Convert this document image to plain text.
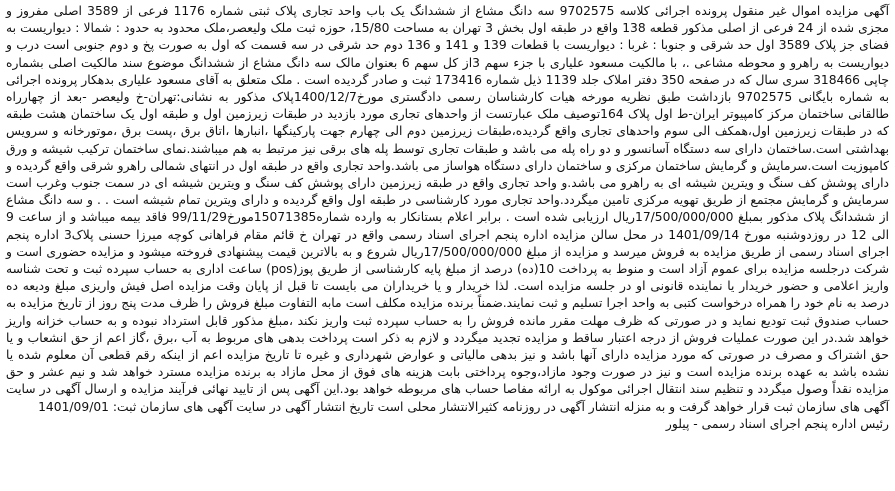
آگهی مزایده اموال غیر منقول پرونده اجرائی کلاسه 9702575 سه دانگ مشاع از ششدانگ یک باب واحد تجاری پلاک ثبتی شماره 1176 فرعی از 3589 اصلی مفروز و مجزی شده از 24 فرعی از اصلی مذکور قطعه 138 واقع در طبقه اول بخش 3 تهران به مساحت 15/80، حوزه ثبت ملک ولیعصر،ملک محدود به حدود : شمالا : دیواریست به فضای جز پلاک 3589 اول حد شرقی و جنوبا : غربا : دیواریست با قطعات 139 و 141 و 136 دوم حد شرقی در سه قسمت که اول به صورت پخ و دوم جنوبی است درب و دیواریست به راهرو و محوطه مشاعی .، با مالکیت مسعود علیاری با جزء سهم 3از کل سهم 6 بعنوان مالک سه دانگ مشاع از ششدانگ موضوع سند مالکیت اصلی بشماره چاپی 318466 سری سال که در صفحه 350 دفتر املاک جلد 1139 ذیل شماره 173416 ثبت و صادر گردیده است . ملک متعلق به آقای مسعود علیاری بدهکار پرونده اجرائی به شماره بایگانی 9702575 بازداشت طبق نظریه مورخه هیات کارشناسان رسمی دادگستری مورخ1400/12/7پلاک مذکور به نشانی:تهران-خ ولیعصر -بعد از چهارراه طالقانی ساختمان مرکز کامپیوتر ایران-ط اول پلاک 164توصیف ملک عبارتست از واحدهای تجاری مورد بازدید در طبقات زیرزمین اول و طبقه اول یک ساختمان هشت طبقه که در طبقات زیرزمین اول،همکف الی سوم واحدهای تجاری واقع گردیده،طبقات زیرزمین دوم الی چهارم جهت پارکینگها ،انبارها ،اتاق برق ،پست برق ،موتورخانه و سرویس بهداشتی است.ساختمان دارای سه دستگاه آسانسور و دو راه پله می باشد و طبقات تجاری توسط پله های برقی نیز مرتبط به هم میباشند.نمای ساختمان ترکیب شیشه و ورق کامپوزیت است.سرمایش و گرمایش ساختمان مرکزی و ساختمان دارای دستگاه هواساز می باشد.واحد تجاری واقع در طبقه اول در انتهای شمالی راهرو شرقی واقع گردیده و دارای پوشش کف سنگ و ویترین شیشه ای به راهرو می باشد.و واحد تجاری واقع در طبقه زیرزمین دارای پوشش کف سنگ و ویترین شیشه ای در سمت جنوب وغرب است سرمایش و گرمایش مجتمع از طریق تهویه مرکزی تامین میگردد.واحد تجاری مورد کارشناسی در طبقه اول واقع گردیده و دارای ویترین تمام شیشه است . . و سه دانگ مشاع از ششدانگ پلاک مذکور بمبلغ 17/500/000/000ریال ارزیابی شده است . برابر اعلام بستانکار به وارده شماره15071385مورخ99/11/29 فاقد بیمه میباشد و از ساعت 9 الی 12 در روزدوشنبه مورخ 1401/09/14 در محل سالن مزایده اداره پنجم اجرای اسناد رسمی واقع در تهران خ قائم مقام فراهانی کوچه میرزا حسنی پلاک3 اداره پنجم اجرای اسناد رسمی از طریق مزایده به فروش میرسد و مزایده از مبلغ 17/500/000/000ریال شروع و به بالاترین قیمت پیشنهادی فروخته میشود و مزایده حضوری است و شرکت درجلسه مزایده برای عموم آزاد است و منوط به پرداخت 10(ده) درصد از مبلغ پایه کارشناسی از طریق پوز(pos) ساعت اداری به حساب سپرده ثبت و تحت شناسه واریز اعلامی و حضور خریدار یا نماینده قانونی او در جلسه مزایده است. لذا خریدار و یا خریداران می بایست تا قبل از پایان وقت مزایده اصل فیش واریزی مبلغ ودیعه ده درصد به نام خود را همراه درخواست کتبی به واحد اجرا تسلیم و ثبت نمایند.ضمناً برنده مزایده مکلف است مابه التفاوت مبلغ فروش را ظرف مدت پنج روز از تاریخ مزایده به حساب صندوق ثبت تودیع نماید و در صورتی که ظرف مهلت مقرر مانده فروش را به حساب سپرده ثبت واریز نکند ،مبلغ مذکور قابل استرداد نبوده و به حساب خزانه واریز خواهد شد.در این صورت عملیات فروش از درجه اعتبار ساقط و مزایده تجدید میگردد و لازم به ذکر است پرداخت بدهی های مربوط به آب ،برق ،گاز اعم از حق انشعاب و یا حق اشتراک و مصرف در صورتی که مورد مزایده دارای آنها باشد و نیز بدهی مالیاتی و عوارض شهرداری و غیره تا تاریخ مزایده اعم از اینکه رقم قطعی آن معلوم شده یا نشده باشد به عهده برنده مزایده است و نیز در صورت وجود مازاد،وجوه پرداختی بابت هزینه های فوق از محل مازاد به برنده مزایده مسترد خواهد شد و نیم عشر و حق مزایده نقداً وصول میگردد و تنظیم سند انتقال اجرائی موکول به ارائه مفاصا حساب های مربوطه خواهد بود.این آگهی پس از تایید نهائی فرآیند مزایده و ارسال آگهی در سایت آگهی های سازمان ثبت قرار خواهد گرفت و به منزله انتشار آگهی در روزنامه کثیرالانتشار محلی است تاریخ انتشار آگهی در سایت آگهی های سازمان ثبت: 1401/09/01

رئیس اداره پنجم اجرای اسناد رسمی - پیلور
